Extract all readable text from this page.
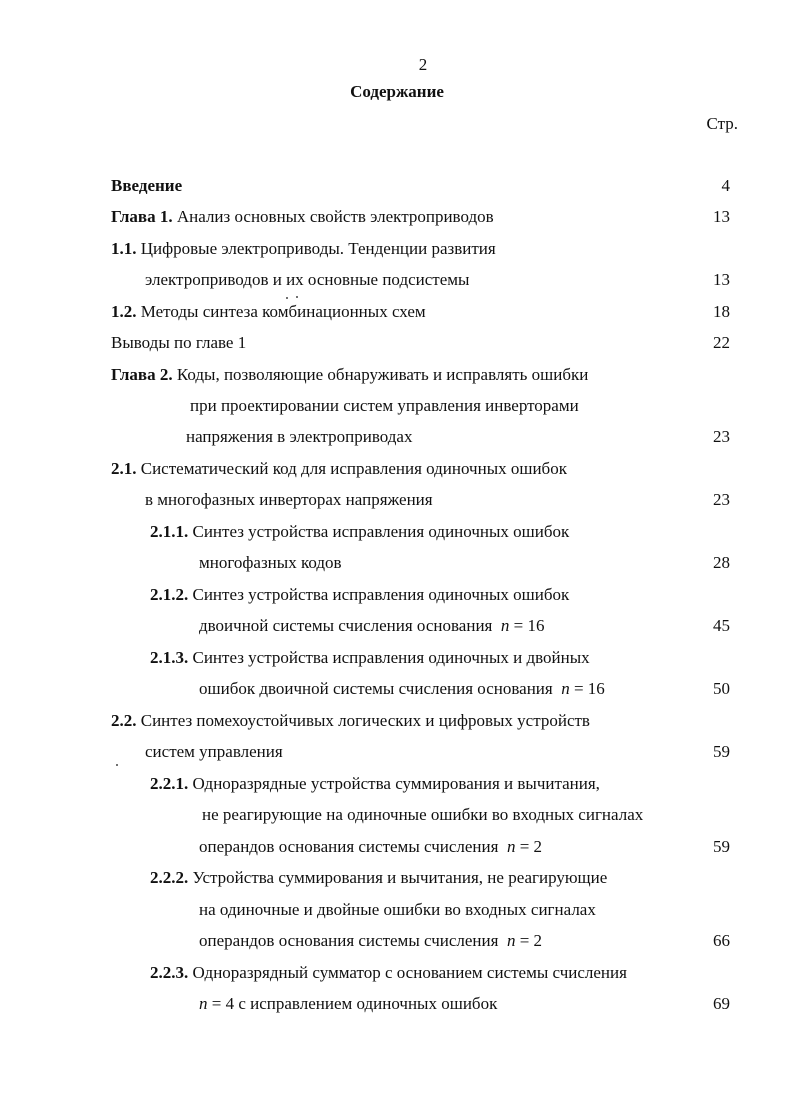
2
Содержание
Стр.
Введение	4
Глава 1. Анализ основных свойств электроприводов	13
1.1. Цифровые электроприводы. Тенденции развития
электроприводов и их основные подсистемы	13
1.2. Методы синтеза комбинационных схем	18
Выводы по главе 1	22
Глава 2. Коды, позволяющие обнаруживать и исправлять ошибки
при проектировании систем управления инверторами
напряжения в электроприводах	23
2.1. Систематический код для исправления одиночных ошибок
в многофазных инверторах напряжения	23
2.1.1. Синтез устройства исправления одиночных ошибок
многофазных кодов	28
2.1.2. Синтез устройства исправления одиночных ошибок
двоичной системы счисления основания n = 16	45
2.1.3. Синтез устройства исправления одиночных и двойных
ошибок двоичной системы счисления основания n = 16	50
2.2. Синтез помехоустойчивых логических и цифровых устройств
систем управления	59
2.2.1. Одноразрядные устройства суммирования и вычитания,
не реагирующие на одиночные ошибки во входных сигналах
операндов основания системы счисления n = 2	59
2.2.2. Устройства суммирования и вычитания, не реагирующие
на одиночные и двойные ошибки во входных сигналах
операндов основания системы счисления n = 2	66
2.2.3. Одноразрядный сумматор с основанием системы счисления
n = 4 с исправлением одиночных ошибок	69
